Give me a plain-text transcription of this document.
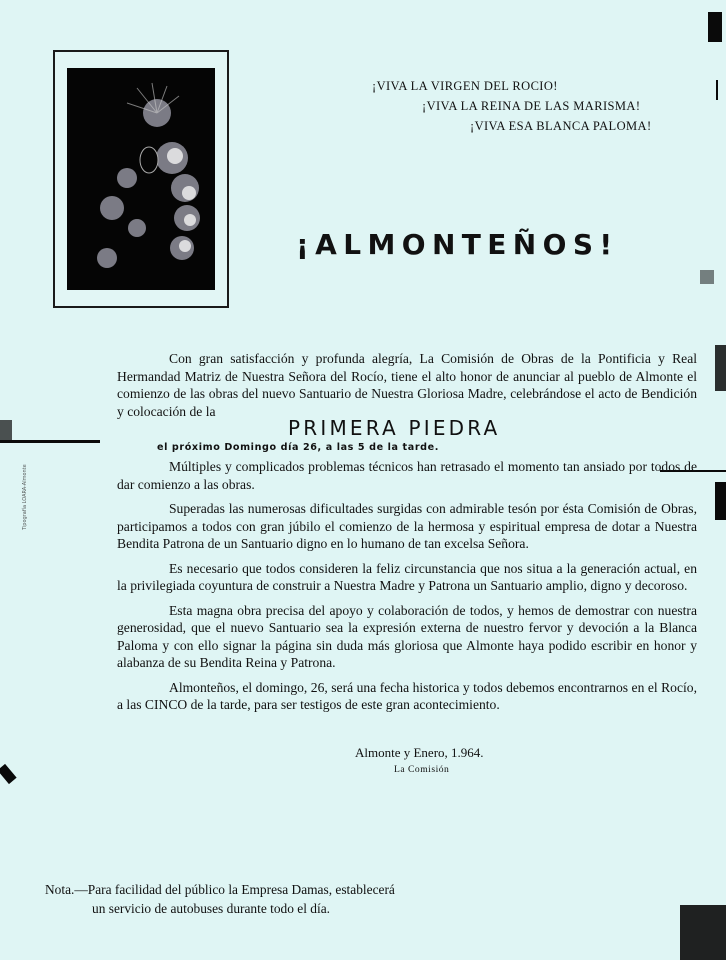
¡VIVA LA VIRGEN DEL ROCIO!
¡VIVA LA REINA DE LAS MARISMA!
¡VIVA ESA BLANCA PALOMA!
¡ALMONTEÑOS!

Con gran satisfacción y profunda alegría, La Comisión de Obras de la Pontificia y Real Hermandad Matriz de Nuestra Señora del Rocío, tiene el alto honor de anunciar al pueblo de Almonte el comienzo de las obras del nuevo Santuario de Nuestra Gloriosa Madre, celebrándose el acto de Bendición y colocación de la

PRIMERA PIEDRA
el próximo Domingo día 26, a las 5 de la tarde.

Múltiples y complicados problemas técnicos han retrasado el momento tan ansiado por todos de dar comienzo a las obras.

Superadas las numerosas dificultades surgidas con admirable tesón por ésta Comisión de Obras, participamos a todos con gran júbilo el comienzo de la hermosa y espiritual empresa de dotar a Nuestra Bendita Patrona de un Santuario digno en lo humano de tan excelsa Señora.

Es necesario que todos consideren la feliz circunstancia que nos situa a la generación actual, en la privilegiada coyuntura de construir a Nuestra Madre y Patrona un Santuario amplio, digno y decoroso.

Esta magna obra precisa del apoyo y colaboración de todos, y hemos de demostrar con nuestra generosidad, que el nuevo Santuario sea la expresión externa de nuestro fervor y devoción a la Blanca Paloma y con ello signar la página sin duda más gloriosa que Almonte haya podido escribir en honor y alabanza de su Bendita Reina y Patrona.

Almonteños, el domingo, 26, será una fecha historica y todos debemos encontrarnos en el Rocío, a las CINCO de la tarde, para ser testigos de este gran acontecimiento.

Almonte y Enero, 1.964.
La Comisión
Nota.—Para facilidad del público la Empresa Damas, establecerá
un servicio de autobuses durante todo el día.
Tipografía LOARA-Almonte
